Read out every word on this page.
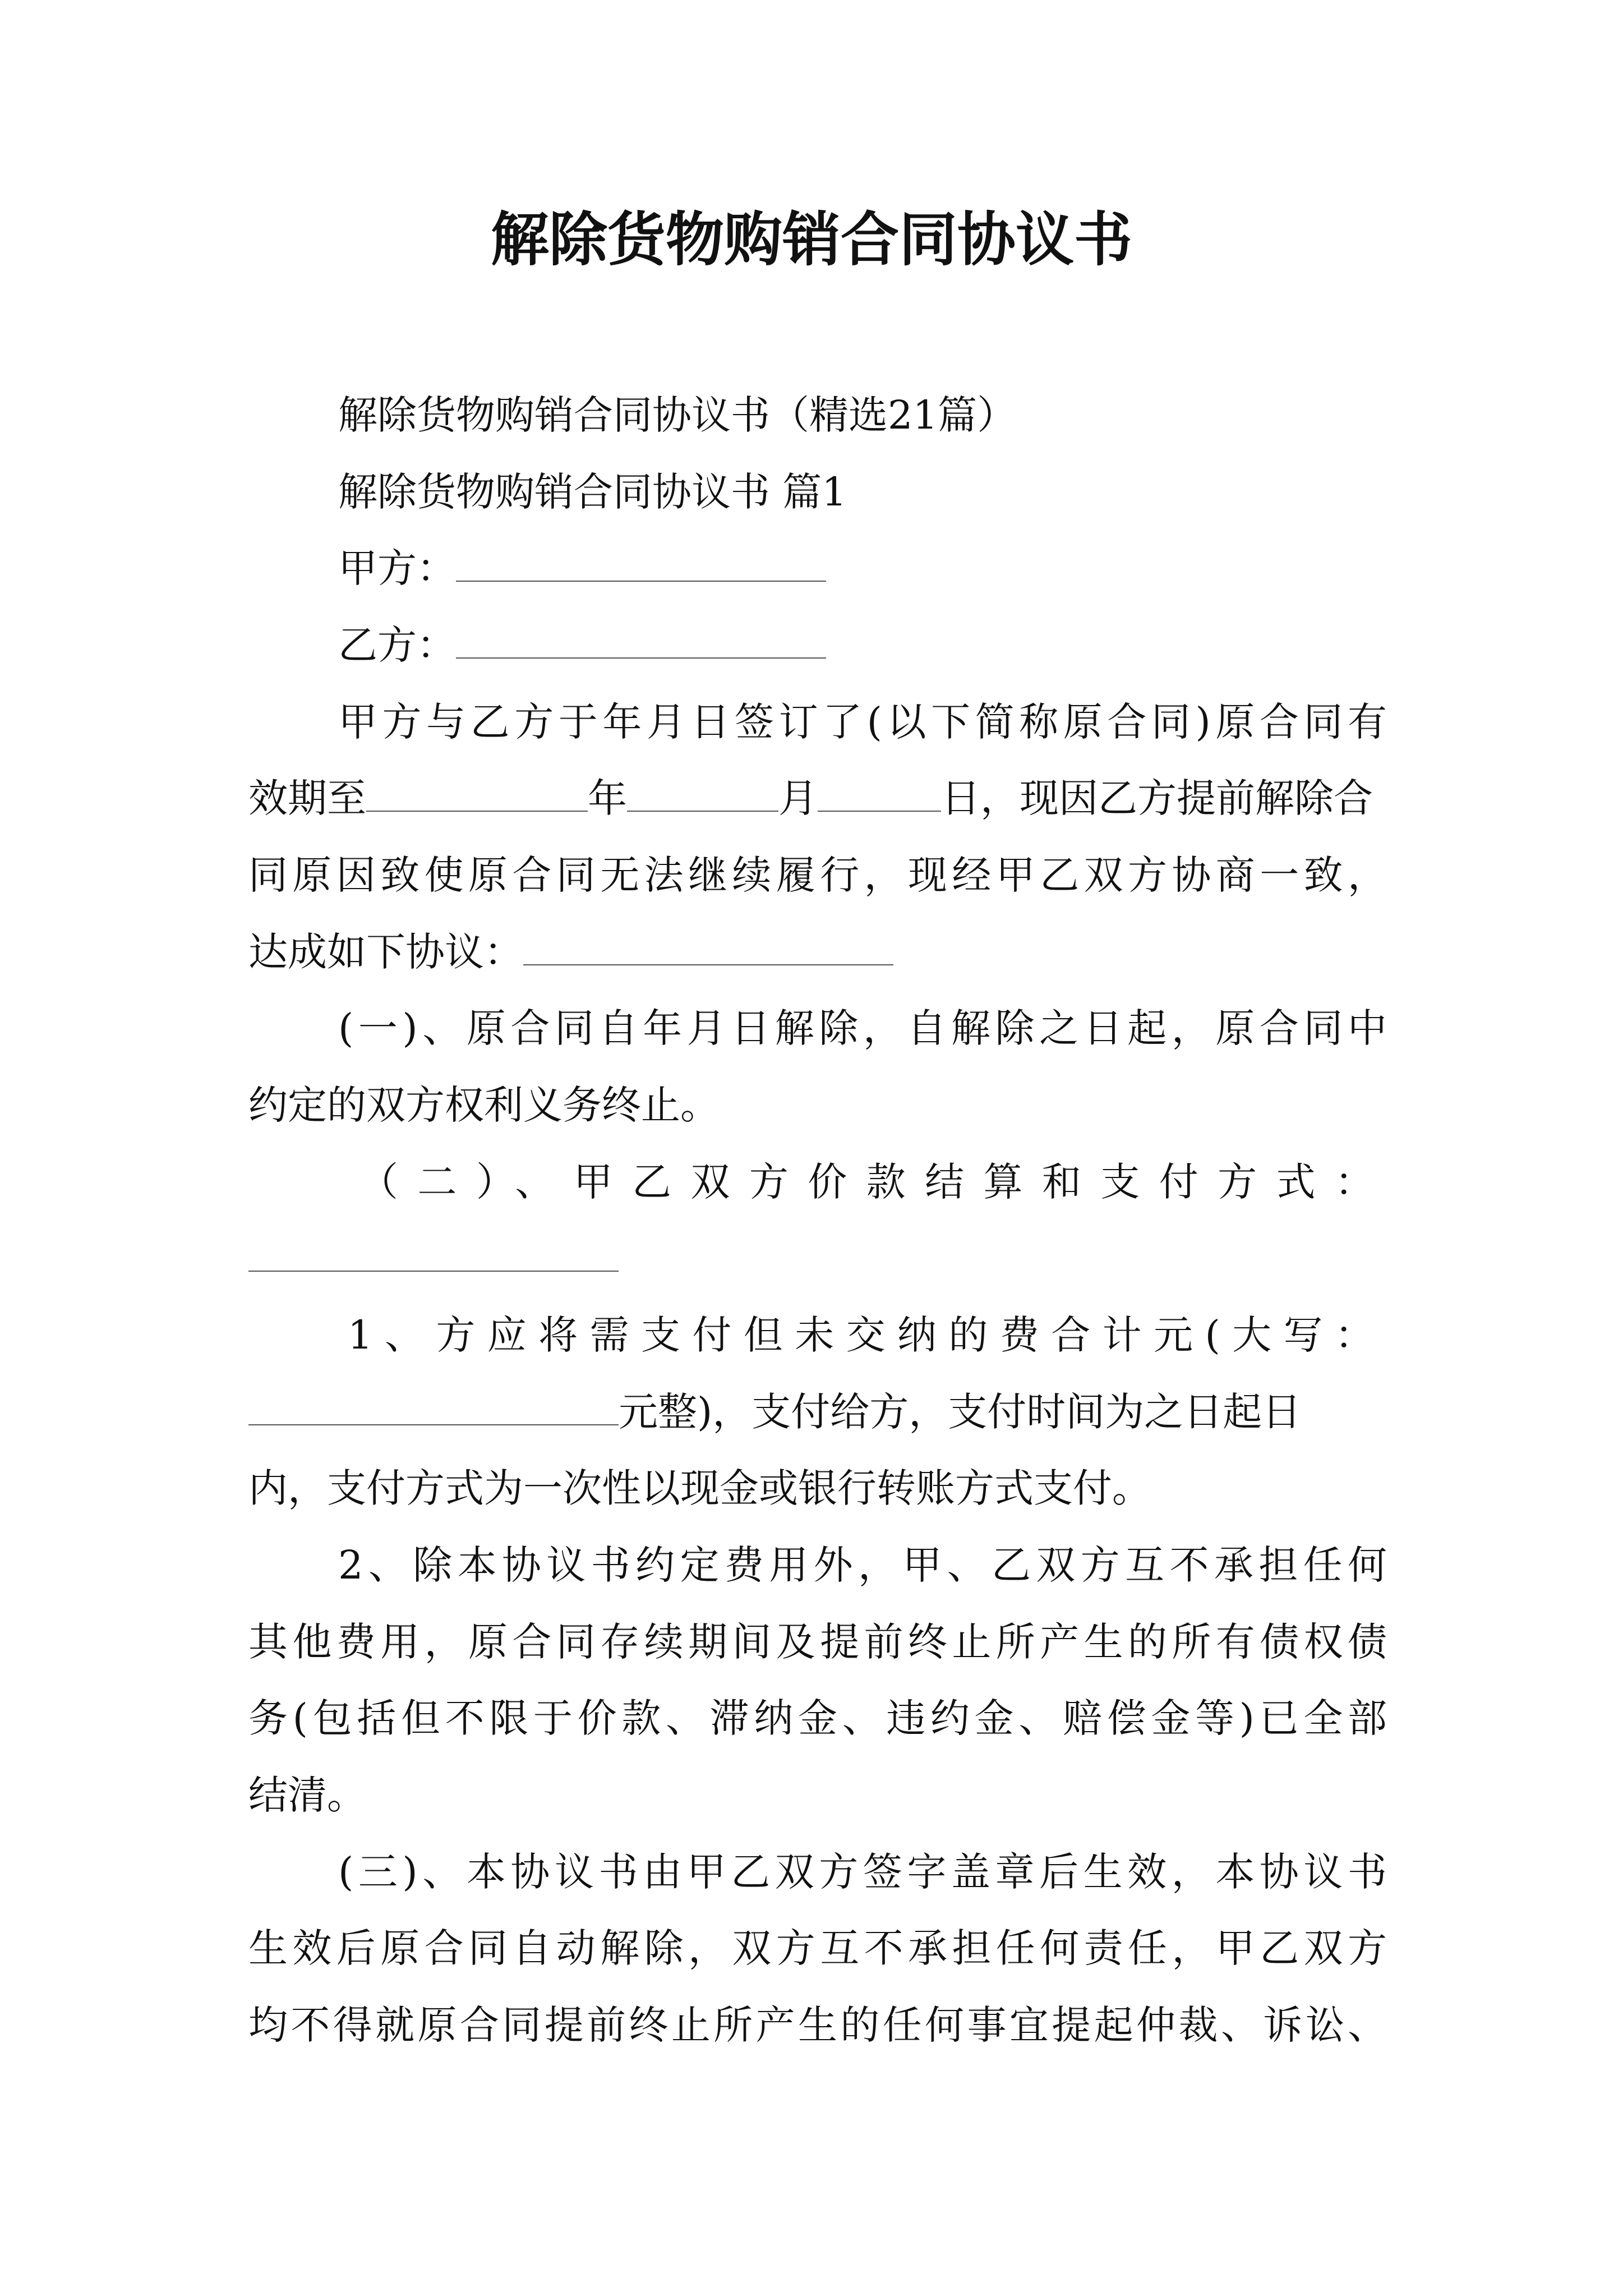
解除货物购销合同协议书
解除货物购销合同协议书（精选21篇）
解除货物购销合同协议书 篇1
甲方：
乙方：
甲方与乙方于年月日签订了(以下简称原合同)原合同有
效期至	年	月	日，现因乙方提前解除合
同原因致使原合同无法继续履行，现经甲乙双方协商一致，
达成如下协议：
(一)、原合同自年月日解除，自解除之日起，原合同中
约定的双方权利义务终止。
（二）、甲乙双方价款结算和支付方式：
1、方应将需支付但未交纳的费合计元(大写：
元整)，支付给方，支付时间为之日起日
内，支付方式为一次性以现金或银行转账方式支付。
2、除本协议书约定费用外，甲、乙双方互不承担任何
其他费用，原合同存续期间及提前终止所产生的所有债权债
务(包括但不限于价款、滞纳金、违约金、赔偿金等)已全部
结清。
(三)、本协议书由甲乙双方签字盖章后生效，本协议书
生效后原合同自动解除，双方互不承担任何责任，甲乙双方
均不得就原合同提前终止所产生的任何事宜提起仲裁、诉讼、
